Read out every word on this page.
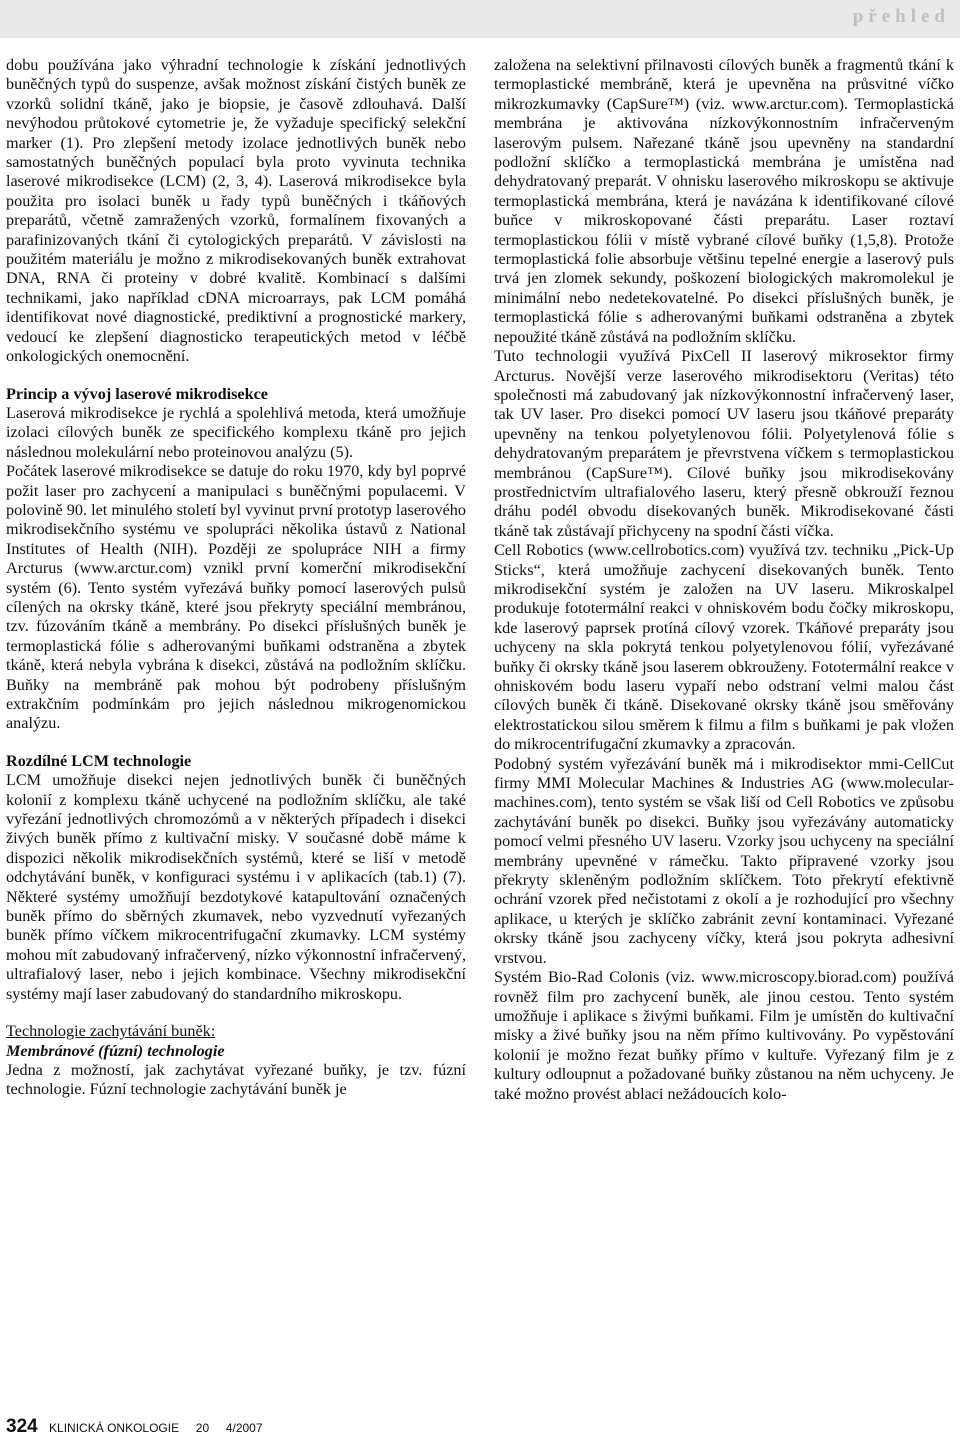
přehled

dobu používána jako výhradní technologie k získání jednotlivých buněčných typů do suspenze, avšak možnost získání čistých buněk ze vzorků solidní tkáně, jako je biopsie, je časově zdlouhavá. Další nevýhodou průtokové cytometrie je, že vyžaduje specifický selekční marker (1). Pro zlepšení metody izolace jednotlivých buněk nebo samostatných buněčných populací byla proto vyvinuta technika laserové mikrodisekce (LCM) (2, 3, 4). Laserová mikrodisekce byla použita pro isolaci buněk u řady typů buněčných i tkáňových preparátů, včetně zamražených vzorků, formalínem fixovaných a parafinizovaných tkání či cytologických preparátů. V závislosti na použitém materiálu je možno z mikrodisekovaných buněk extrahovat DNA, RNA či proteiny v dobré kvalitě. Kombinací s dalšími technikami, jako například cDNA microarrays, pak LCM pomáhá identifikovat nové diagnostické, prediktivní a prognostické markery, vedoucí ke zlepšení diagnosticko terapeutických metod v léčbě onkologických onemocnění.

Princip a vývoj laserové mikrodisekce

Laserová mikrodisekce je rychlá a spolehlivá metoda, která umožňuje izolaci cílových buněk ze specifického komplexu tkáně pro jejich následnou molekulární nebo proteinovou analýzu (5).

Počátek laserové mikrodisekce se datuje do roku 1970, kdy byl poprvé požit laser pro zachycení a manipulaci s buněčnými populacemi. V polovině 90. let minulého století byl vyvinut první prototyp laserového mikrodisekčního systému ve spolupráci několika ústavů z National Institutes of Health (NIH). Později ze spolupráce NIH a firmy Arcturus (www.arctur.com) vznikl první komerční mikrodisekční systém (6). Tento systém vyřezává buňky pomocí laserových pulsů cílených na okrsky tkáně, které jsou překryty speciální membránou, tzv. fúzováním tkáně a membrány. Po disekci příslušných buněk je termoplastická fólie s adherovanými buňkami odstraněna a zbytek tkáně, která nebyla vybrána k disekci, zůstává na podložním sklíčku. Buňky na membráně pak mohou být podrobeny příslušným extrakčním podmínkám pro jejich následnou mikrogenomickou analýzu.

Rozdílné LCM technologie

LCM umožňuje disekci nejen jednotlivých buněk či buněčných kolonií z komplexu tkáně uchycené na podložním sklíčku, ale také vyřezání jednotlivých chromozómů a v některých případech i disekci živých buněk přímo z kultivační misky. V současné době máme k dispozici několik mikrodisekčních systémů, které se liší v metodě odchytávání buněk, v konfiguraci systému i v aplikacích (tab.1) (7). Některé systémy umožňují bezdotykové katapultování označených buněk přímo do sběrných zkumavek, nebo vyzvednutí vyřezaných buněk přímo víčkem mikrocentrifugační zkumavky. LCM systémy mohou mít zabudovaný infračervený, nízko výkonnostní infračervený, ultrafialový laser, nebo i jejich kombinace. Všechny mikrodisekční systémy mají laser zabudovaný do standardního mikroskopu.

Technologie zachytávání buněk:

Membránové (fúzní) technologie

Jedna z možností, jak zachytávat vyřezané buňky, je tzv. fúzní technologie. Fúzní technologie zachytávání buněk je

založena na selektivní přilnavosti cílových buněk a fragmentů tkání k termoplastické membráně, která je upevněna na průsvitné víčko mikrozkumavky (CapSure™) (viz. www.arctur.com). Termoplastická membrána je aktivována nízkovýkonnostním infračerveným laserovým pulsem. Nařezané tkáně jsou upevněny na standardní podložní sklíčko a termoplastická membrána je umístěna nad dehydratovaný preparát. V ohnisku laserového mikroskopu se aktivuje termoplastická membrána, která je navázána k identifikované cílové buňce v mikroskopované části preparátu. Laser roztaví termoplastickou fólii v místě vybrané cílové buňky (1,5,8). Protože termoplastická folie absorbuje většinu tepelné energie a laserový puls trvá jen zlomek sekundy, poškození biologických makromolekul je minimální nebo nedetekovatelné. Po disekci příslušných buněk, je termoplastická fólie s adherovanými buňkami odstraněna a zbytek nepoužité tkáně zůstává na podložním sklíčku.

Tuto technologii využívá PixCell II laserový mikrosektor firmy Arcturus. Novější verze laserového mikrodisektoru (Veritas) této společnosti má zabudovaný jak nízkovýkonnostní infračervený laser, tak UV laser. Pro disekci pomocí UV laseru jsou tkáňové preparáty upevněny na tenkou polyetylenovou fólii. Polyetylenová fólie s dehydratovaným preparátem je převrstvena víčkem s termoplastickou membránou (CapSure™). Cílové buňky jsou mikrodisekovány prostřednictvím ultrafialového laseru, který přesně obkrouží řeznou dráhu podél obvodu disekovaných buněk. Mikrodisekované části tkáně tak zůstávají přichyceny na spodní části víčka.

Cell Robotics (www.cellrobotics.com) využívá tzv. techniku „Pick-Up Sticks“, která umožňuje zachycení disekovaných buněk. Tento mikrodisekční systém je založen na UV laseru. Mikroskalpel produkuje fototermální reakci v ohniskovém bodu čočky mikroskopu, kde laserový paprsek protíná cílový vzorek. Tkáňové preparáty jsou uchyceny na skla pokrytá tenkou polyetylenovou fólií, vyřezávané buňky či okrsky tkáně jsou laserem obkrouženy. Fototermální reakce v ohniskovém bodu laseru vypaří nebo odstraní velmi malou část cílových buněk či tkáně. Disekované okrsky tkáně jsou směřovány elektrostatickou silou směrem k filmu a film s buňkami je pak vložen do mikrocentrifugační zkumavky a zpracován.

Podobný systém vyřezávání buněk má i mikrodisektor mmi-CellCut firmy MMI Molecular Machines & Industries AG (www.molecular-machines.com), tento systém se však liší od Cell Robotics ve způsobu zachytávání buněk po disekci. Buňky jsou vyřezávány automaticky pomocí velmi přesného UV laseru. Vzorky jsou uchyceny na speciální membrány upevněné v rámečku. Takto připravené vzorky jsou překryty skleněným podložním sklíčkem. Toto překrytí efektivně ochrání vzorek před nečistotami z okolí a je rozhodující pro všechny aplikace, u kterých je sklíčko zabránit zevní kontaminaci. Vyřezané okrsky tkáně jsou zachyceny víčky, která jsou pokryta adhesivní vrstvou.

Systém Bio-Rad Colonis (viz. www.microscopy.biorad.com) používá rovněž film pro zachycení buněk, ale jinou cestou. Tento systém umožňuje i aplikace s živými buňkami. Film je umístěn do kultivační misky a živé buňky jsou na něm přímo kultivovány. Po vypěstování kolonií je možno řezat buňky přímo v kultuře. Vyřezaný film je z kultury odloupnut a požadované buňky zůstanou na něm uchyceny. Je také možno provést ablaci nežádoucích kolo-

324 KLINICKÁ ONKOLOGIE 20 4/2007
